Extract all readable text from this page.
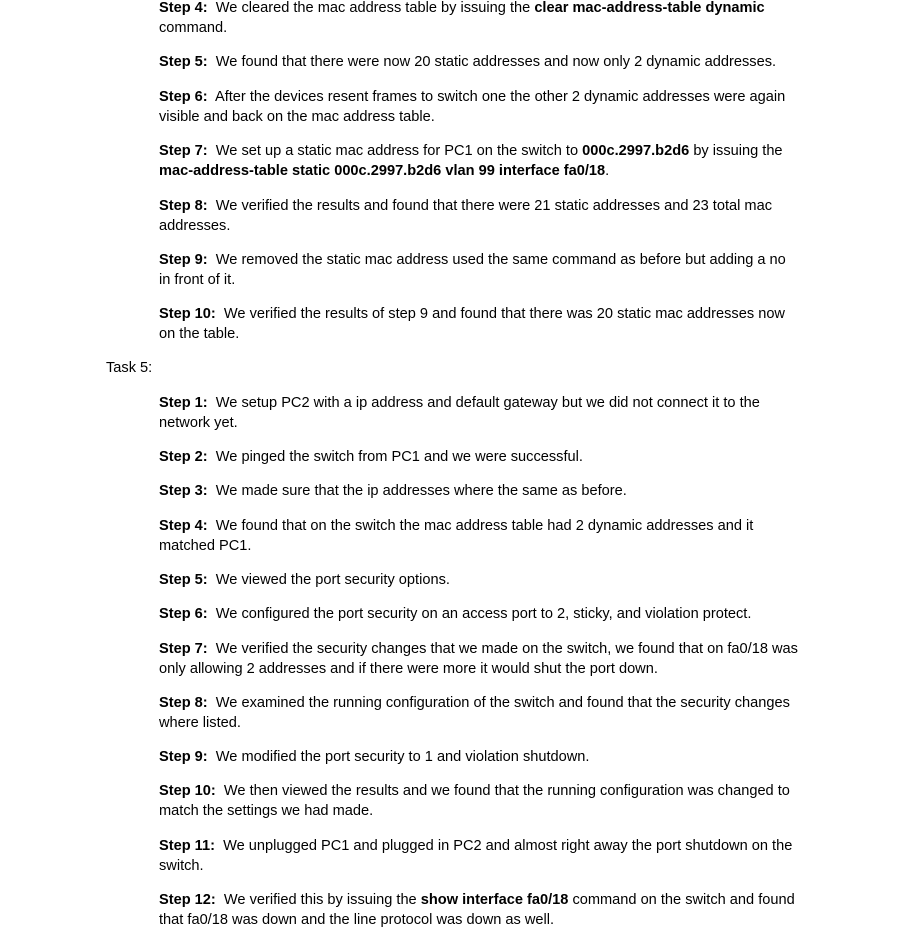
Step 4: We cleared the mac address table by issuing the clear mac-address-table dynamic command.

Step 5: We found that there were now 20 static addresses and now only 2 dynamic addresses.

Step 6: After the devices resent frames to switch one the other 2 dynamic addresses were again visible and back on the mac address table.

Step 7: We set up a static mac address for PC1 on the switch to 000c.2997.b2d6 by issuing the mac-address-table static 000c.2997.b2d6 vlan 99 interface fa0/18.

Step 8: We verified the results and found that there were 21 static addresses and 23 total mac addresses.

Step 9: We removed the static mac address used the same command as before but adding a no in front of it.

Step 10: We verified the results of step 9 and found that there was 20 static mac addresses now on the table.

Task 5:

Step 1: We setup PC2 with a ip address and default gateway but we did not connect it to the network yet.

Step 2: We pinged the switch from PC1 and we were successful.

Step 3: We made sure that the ip addresses where the same as before.

Step 4: We found that on the switch the mac address table had 2 dynamic addresses and it matched PC1.

Step 5: We viewed the port security options.

Step 6: We configured the port security on an access port to 2, sticky, and violation protect.

Step 7: We verified the security changes that we made on the switch, we found that on fa0/18 was only allowing 2 addresses and if there were more it would shut the port down.

Step 8: We examined the running configuration of the switch and found that the security changes where listed.

Step 9: We modified the port security to 1 and violation shutdown.

Step 10: We then viewed the results and we found that the running configuration was changed to match the settings we had made.

Step 11: We unplugged PC1 and plugged in PC2 and almost right away the port shutdown on the switch.

Step 12: We verified this by issuing the show interface fa0/18 command on the switch and found that fa0/18 was down and the line protocol was down as well.
